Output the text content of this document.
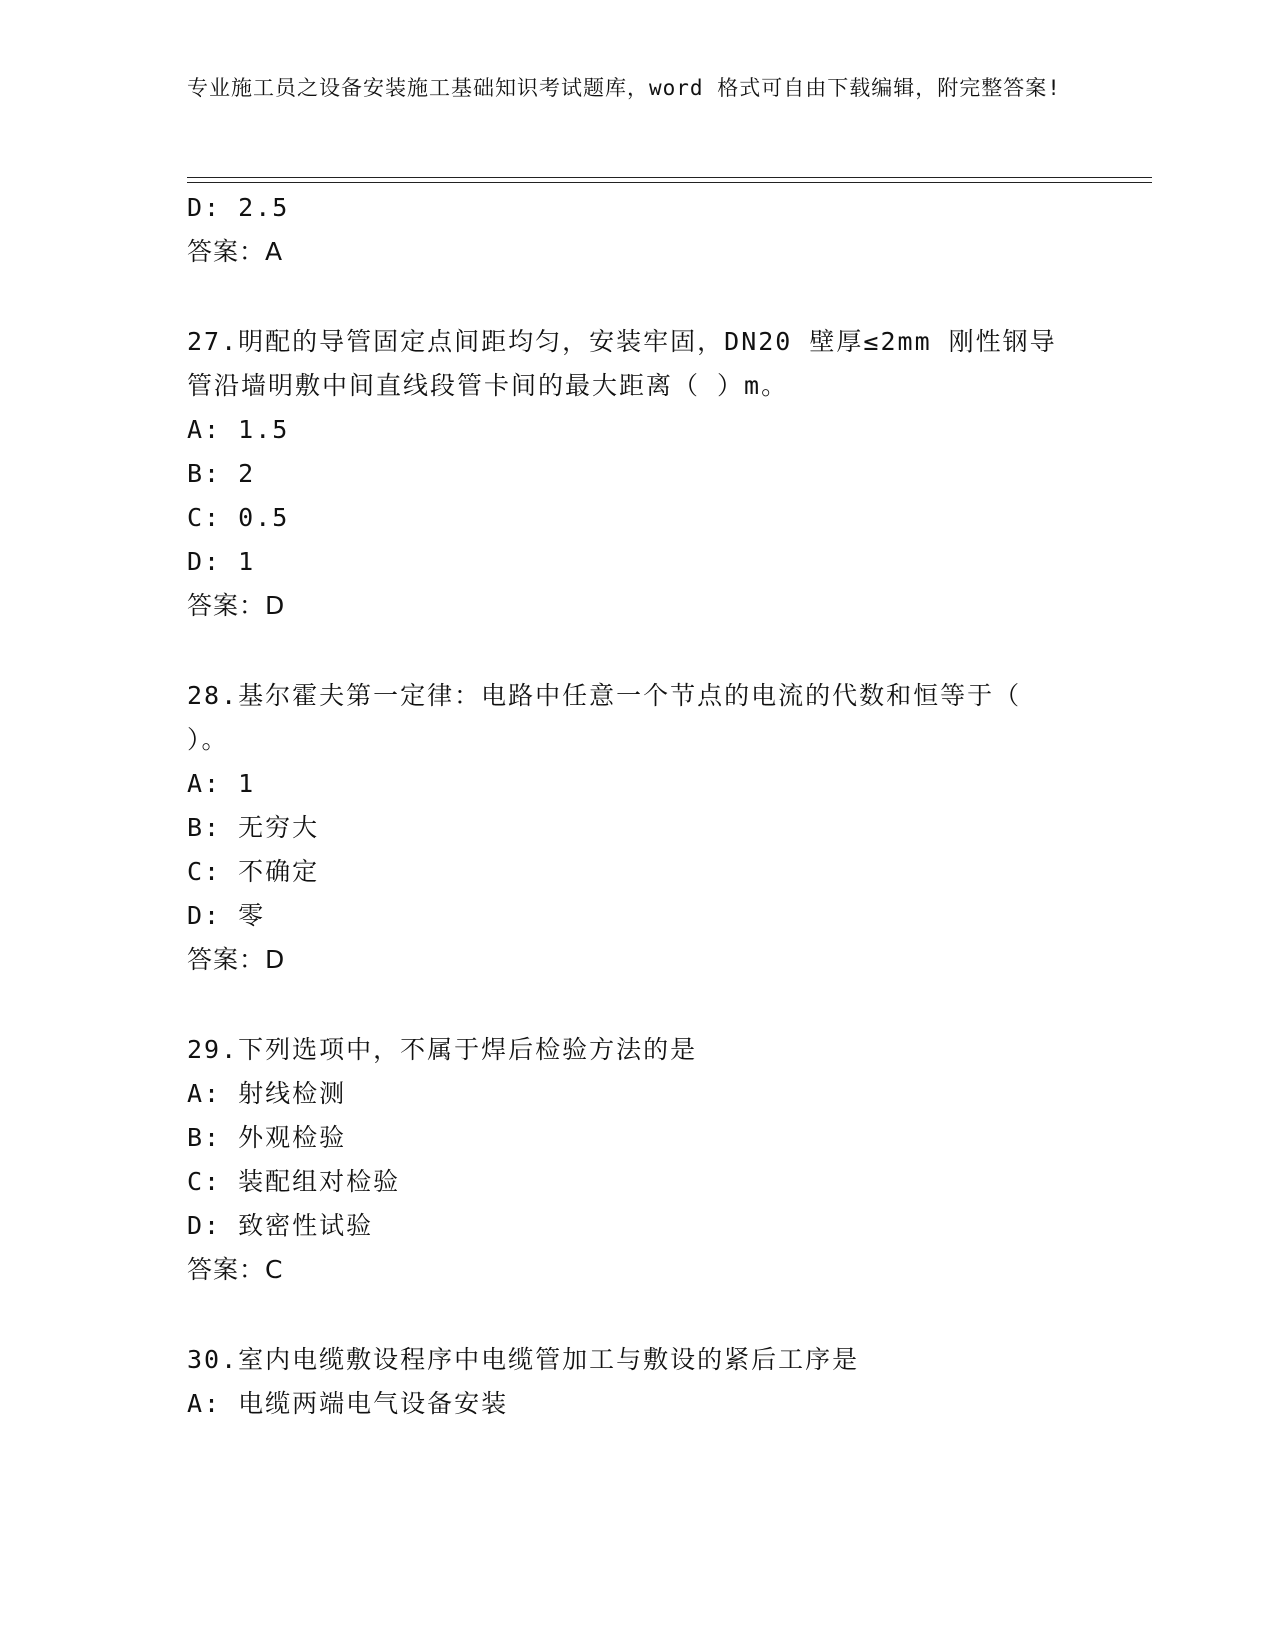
专业施工员之设备安装施工基础知识考试题库，word 格式可自由下载编辑，附完整答案!
D: 2.5
答案：A
27.明配的导管固定点间距均匀，安装牢固，DN20 壁厚≤2mm 刚性钢导
管沿墙明敷中间直线段管卡间的最大距离（ ）m。
A: 1.5
B: 2
C: 0.5
D: 1
答案：D
28.基尔霍夫第一定律：电路中任意一个节点的电流的代数和恒等于（
）。
A: 1
B: 无穷大
C: 不确定
D: 零
答案：D
29.下列选项中，不属于焊后检验方法的是
A: 射线检测
B: 外观检验
C: 装配组对检验
D: 致密性试验
答案：C
30.室内电缆敷设程序中电缆管加工与敷设的紧后工序是
A: 电缆两端电气设备安装
